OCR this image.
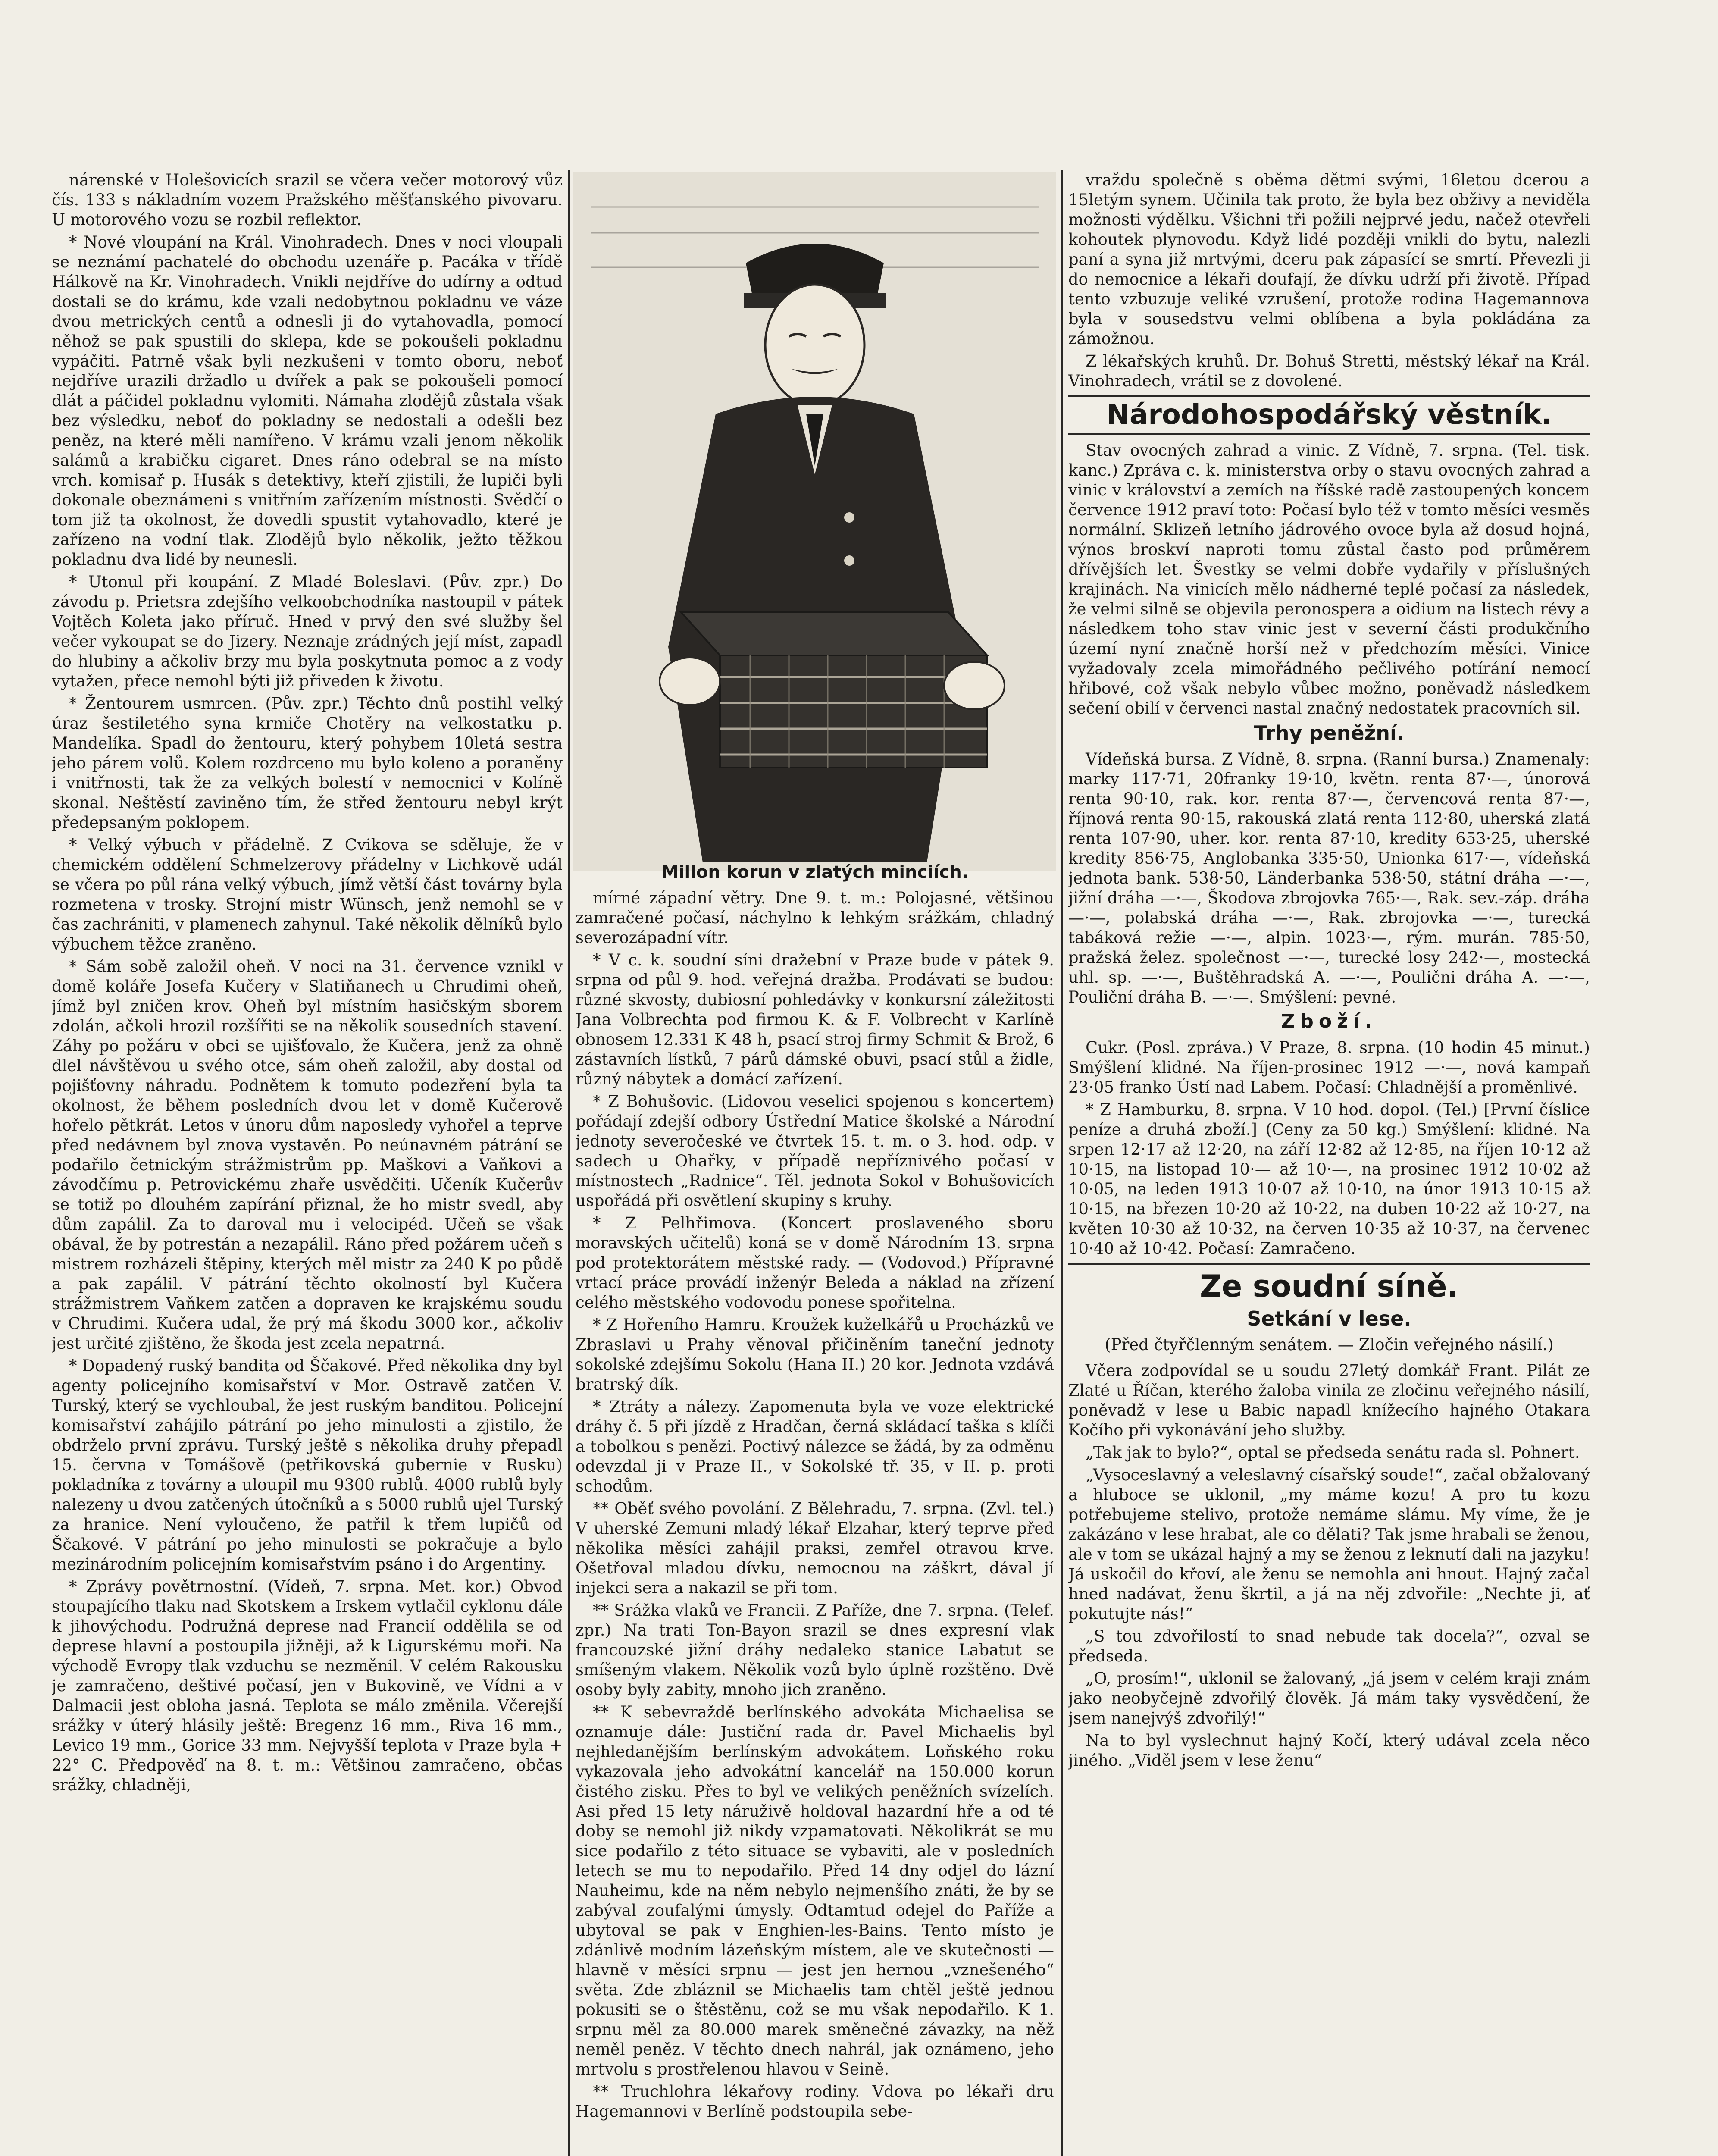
nárenské v Holešovicích srazil se včera večer motorový vůz čís. 133 s nákladním vozem Pražského měšťanského pivovaru. U motorového vozu se rozbil reflektor.

* Nové vloupání na Král. Vinohradech. Dnes v noci vloupali se neznámí pachatelé do obchodu uzenáře p. Pacáka v třídě Hálkově na Kr. Vinohradech. Vnikli nejdříve do udírny a odtud dostali se do krámu, kde vzali nedobytnou pokladnu ve váze dvou metrických centů a odnesli ji do vytahovadla, pomocí něhož se pak spustili do sklepa, kde se pokoušeli pokladnu vypáčiti. Patrně však byli nezkušeni v tomto oboru, neboť nejdříve urazili držadlo u dvířek a pak se pokoušeli pomocí dlát a páčidel pokladnu vylomiti. Námaha zlodějů zůstala však bez výsledku, neboť do pokladny se nedostali a odešli bez peněz, na které měli namířeno. V krámu vzali jenom několik salámů a krabičku cigaret. Dnes ráno odebral se na místo vrch. komisař p. Husák s detektivy, kteří zjistili, že lupiči byli dokonale obeznámeni s vnitřním zařízením místnosti. Svědčí o tom již ta okolnost, že dovedli spustit vytahovadlo, které je zařízeno na vodní tlak. Zlodějů bylo několik, ježto těžkou pokladnu dva lidé by neunesli.

* Utonul při koupání. Z Mladé Boleslavi. (Pův. zpr.) Do závodu p. Prietsra zdejšího velkoobchodníka nastoupil v pátek Vojtěch Koleta jako příruč. Hned v prvý den své služby šel večer vykoupat se do Jizery. Neznaje zrádných její míst, zapadl do hlubiny a ačkoliv brzy mu byla poskytnuta pomoc a z vody vytažen, přece nemohl býti již přiveden k životu.

* Žentourem usmrcen. (Pův. zpr.) Těchto dnů postihl velký úraz šestiletého syna krmiče Chotěry na velkostatku p. Mandelíka. Spadl do žentouru, který pohybem 10letá sestra jeho párem volů. Kolem rozdrceno mu bylo koleno a poraněny i vnitřnosti, tak že za velkých bolestí v nemocnici v Kolíně skonal. Neštěstí zaviněno tím, že střed žentouru nebyl krýt předepsaným poklopem.

* Velký výbuch v přádelně. Z Cvikova se sděluje, že v chemickém oddělení Schmelzerovy přádelny v Lichkově udál se včera po půl rána velký výbuch, jímž větší část továrny byla rozmetena v trosky. Strojní mistr Wünsch, jenž nemohl se v čas zachrániti, v plamenech zahynul. Také několik dělníků bylo výbuchem těžce zraněno.

* Sám sobě založil oheň. V noci na 31. července vznikl v domě koláře Josefa Kučery v Slatiňanech u Chrudimi oheň, jímž byl zničen krov. Oheň byl místním hasičským sborem zdolán, ačkoli hrozil rozšířiti se na několik sousedních stavení. Záhy po požáru v obci se ujišťovalo, že Kučera, jenž za ohně dlel návštěvou u svého otce, sám oheň založil, aby dostal od pojišťovny náhradu. Podnětem k tomuto podezření byla ta okolnost, že během posledních dvou let v domě Kučerově hořelo pětkrát. Letos v únoru dům naposledy vyhořel a teprve před nedávnem byl znova vystavěn. Po neúnavném pátrání se podařilo četnickým strážmistrům pp. Maškovi a Vaňkovi a závodčímu p. Petrovickému zhaře usvědčiti. Učeník Kučerův se totiž po dlouhém zapírání přiznal, že ho mistr svedl, aby dům zapálil. Za to daroval mu i velocipéd. Učeň se však obával, že by potrestán a nezapálil. Ráno před požárem učeň s mistrem rozházeli štěpiny, kterých měl mistr za 240 K po půdě a pak zapálil. V pátrání těchto okolností byl Kučera strážmistrem Vaňkem zatčen a dopraven ke krajskému soudu v Chrudimi. Kučera udal, že prý má škodu 3000 kor., ačkoliv jest určité zjištěno, že škoda jest zcela nepatrná.

* Dopadený ruský bandita od Ščakové. Před několika dny byl agenty policejního komisařství v Mor. Ostravě zatčen V. Turský, který se vychloubal, že jest ruským banditou. Policejní komisařství zahájilo pátrání po jeho minulosti a zjistilo, že obdrželo první zprávu. Turský ještě s několika druhy přepadl 15. června v Tomášově (petřikovská gubernie v Rusku) pokladníka z továrny a uloupil mu 9300 rublů. 4000 rublů byly nalezeny u dvou zatčených útočníků a s 5000 rublů ujel Turský za hranice. Není vyloučeno, že patřil k třem lupičů od Ščakové. V pátrání po jeho minulosti se pokračuje a bylo mezinárodním policejním komisařstvím psáno i do Argentiny.

* Zprávy povětrnostní. (Vídeň, 7. srpna. Met. kor.) Obvod stoupajícího tlaku nad Skotskem a Irskem vytlačil cyklonu dále k jihovýchodu. Podružná deprese nad Francií oddělila se od deprese hlavní a postoupila jižněji, až k Ligurskému moři. Na východě Evropy tlak vzduchu se nezměnil. V celém Rakousku je zamračeno, deštivé počasí, jen v Bukovině, ve Vídni a v Dalmacii jest obloha jasná. Teplota se málo změnila. Včerejší srážky v úterý hlásily ještě: Bregenz 16 mm., Riva 16 mm., Levico 19 mm., Gorice 33 mm. Nejvyšší teplota v Praze byla + 22° C. Předpověď na 8. t. m.: Většinou zamračeno, občas srážky, chladněji,

Millon korun v zlatých minciích.

mírné západní větry. Dne 9. t. m.: Polojasné, většinou zamračené počasí, náchylno k lehkým srážkám, chladný severozápadní vítr.

* V c. k. soudní síni dražební v Praze bude v pátek 9. srpna od půl 9. hod. veřejná dražba. Prodávati se budou: různé skvosty, dubiosní pohledávky v konkursní záležitosti Jana Volbrechta pod firmou K. & F. Volbrecht v Karlíně obnosem 12.331 K 48 h, psací stroj firmy Schmit & Brož, 6 zástavních lístků, 7 párů dámské obuvi, psací stůl a židle, různý nábytek a domácí zařízení.

* Z Bohušovic. (Lidovou veselici spojenou s koncertem) pořádají zdejší odbory Ústřední Matice školské a Národní jednoty severočeské ve čtvrtek 15. t. m. o 3. hod. odp. v sadech u Ohařky, v případě nepříznivého počasí v místnostech „Radnice“. Těl. jednota Sokol v Bohušovicích uspořádá při osvětlení skupiny s kruhy.

* Z Pelhřimova. (Koncert proslaveného sboru moravských učitelů) koná se v domě Národním 13. srpna pod protektorátem městské rady. — (Vodovod.) Přípravné vrtací práce provádí inženýr Beleda a náklad na zřízení celého městského vodovodu ponese spořitelna.

* Z Hořeního Hamru. Kroužek kuželkářů u Procházků ve Zbraslavi u Prahy věnoval přičiněním taneční jednoty sokolské zdejšímu Sokolu (Hana II.) 20 kor. Jednota vzdává bratrský dík.

* Ztráty a nálezy. Zapomenuta byla ve voze elektrické dráhy č. 5 při jízdě z Hradčan, černá skládací taška s klíči a tobolkou s penězi. Poctivý nálezce se žádá, by za odměnu odevzdal ji v Praze II., v Sokolské tř. 35, v II. p. proti schodům.

** Oběť svého povolání. Z Bělehradu, 7. srpna. (Zvl. tel.) V uherské Zemuni mladý lékař Elzahar, který teprve před několika měsíci zahájil praksi, zemřel otravou krve. Ošetřoval mladou dívku, nemocnou na záškrt, dával jí injekci sera a nakazil se při tom.

** Srážka vlaků ve Francii. Z Paříže, dne 7. srpna. (Telef. zpr.) Na trati Ton-Bayon srazil se dnes expresní vlak francouzské jižní dráhy nedaleko stanice Labatut se smíšeným vlakem. Několik vozů bylo úplně rozštěno. Dvě osoby byly zabity, mnoho jich zraněno.

** K sebevraždě berlínského advokáta Michaelisa se oznamuje dále: Justiční rada dr. Pavel Michaelis byl nejhledanějším berlínským advokátem. Loňského roku vykazovala jeho advokátní kancelář na 150.000 korun čistého zisku. Přes to byl ve velikých peněžních svízelích. Asi před 15 lety náruživě holdoval hazardní hře a od té doby se nemohl již nikdy vzpamatovati. Několikrát se mu sice podařilo z této situace se vybaviti, ale v posledních letech se mu to nepodařilo. Před 14 dny odjel do lázní Nauheimu, kde na něm nebylo nejmenšího znáti, že by se zabýval zoufalými úmysly. Odtamtud odejel do Paříže a ubytoval se pak v Enghien-les-Bains. Tento místo je zdánlivě modním lázeňským místem, ale ve skutečnosti — hlavně v měsíci srpnu — jest jen hernou „vznešeného“ světa. Zde zbláznil se Michaelis tam chtěl ještě jednou pokusiti se o štěstěnu, což se mu však nepodařilo. K 1. srpnu měl za 80.000 marek směnečné závazky, na něž neměl peněz. V těchto dnech nahrál, jak oznámeno, jeho mrtvolu s prostřelenou hlavou v Seině.

** Truchlohra lékařovy rodiny. Vdova po lékaři dru Hagemannovi v Berlíně podstoupila sebe-

vraždu společně s oběma dětmi svými, 16letou dcerou a 15letým synem. Učinila tak proto, že byla bez obživy a neviděla možnosti výdělku. Všichni tři požili nejprvé jedu, načež otevřeli kohoutek plynovodu. Když lidé později vnikli do bytu, nalezli paní a syna již mrtvými, dceru pak zápasící se smrtí. Převezli ji do nemocnice a lékaři doufají, že dívku udrží při životě. Případ tento vzbuzuje veliké vzrušení, protože rodina Hagemannova byla v sousedstvu velmi oblíbena a byla pokládána za zámožnou.

Z lékařských kruhů. Dr. Bohuš Stretti, městský lékař na Král. Vinohradech, vrátil se z dovolené.

Národohospodářský věstník.

Stav ovocných zahrad a vinic. Z Vídně, 7. srpna. (Tel. tisk. kanc.) Zpráva c. k. ministerstva orby o stavu ovocných zahrad a vinic v království a zemích na říšské radě zastoupených koncem července 1912 praví toto: Počasí bylo též v tomto měsíci vesměs normální. Sklizeň letního jádrového ovoce byla až dosud hojná, výnos broskví naproti tomu zůstal často pod průměrem dřívějších let. Švestky se velmi dobře vydařily v příslušných krajinách. Na vinicích mělo nádherné teplé počasí za následek, že velmi silně se objevila peronospera a oidium na listech révy a následkem toho stav vinic jest v severní části produkčního území nyní značně horší než v předchozím měsíci. Vinice vyžadovaly zcela mimořádného pečlivého potírání nemocí hřibové, což však nebylo vůbec možno, poněvadž následkem sečení obilí v červenci nastal značný nedostatek pracovních sil.

Trhy peněžní.

Vídeňská bursa. Z Vídně, 8. srpna. (Ranní bursa.) Znamenaly: marky 117·71, 20franky 19·10, květn. renta 87·—, únorová renta 90·10, rak. kor. renta 87·—, červencová renta 87·—, říjnová renta 90·15, rakouská zlatá renta 112·80, uherská zlatá renta 107·90, uher. kor. renta 87·10, kredity 653·25, uherské kredity 856·75, Anglobanka 335·50, Unionka 617·—, vídeňská jednota bank. 538·50, Länderbanka 538·50, státní dráha —·—, jižní dráha —·—, Škodova zbrojovka 765·—, Rak. sev.-záp. dráha —·—, polabská dráha —·—, Rak. zbrojovka —·—, turecká tabáková režie —·—, alpin. 1023·—, rým. murán. 785·50, pražská želez. společnost —·—, turecké losy 242·—, mostecká uhl. sp. —·—, Buštěhradská A. —·—, Poulični dráha A. —·—, Pouliční dráha B. —·—. Smýšlení: pevné.

Zboží.

Cukr. (Posl. zpráva.) V Praze, 8. srpna. (10 hodin 45 minut.) Smýšlení klidné. Na říjen-prosinec 1912 —·—, nová kampaň 23·05 franko Ústí nad Labem. Počasí: Chladnější a proměnlivé.

* Z Hamburku, 8. srpna. V 10 hod. dopol. (Tel.) [První číslice peníze a druhá zboží.] (Ceny za 50 kg.) Smýšlení: klidné. Na srpen 12·17 až 12·20, na září 12·82 až 12·85, na říjen 10·12 až 10·15, na listopad 10·— až 10·—, na prosinec 1912 10·02 až 10·05, na leden 1913 10·07 až 10·10, na únor 1913 10·15 až 10·15, na březen 10·20 až 10·22, na duben 10·22 až 10·27, na květen 10·30 až 10·32, na červen 10·35 až 10·37, na červenec 10·40 až 10·42. Počasí: Zamračeno.

Ze soudní síně.
Setkání v lese.
(Před čtyřčlenným senátem. — Zločin veřejného násilí.)

Včera zodpovídal se u soudu 27letý domkář Frant. Pilát ze Zlaté u Říčan, kterého žaloba vinila ze zločinu veřejného násilí, poněvadž v lese u Babic napadl knížecího hajného Otakara Kočího při vykonávání jeho služby.

„Tak jak to bylo?“, optal se předseda senátu rada sl. Pohnert.

„Vysoceslavný a veleslavný císařský soude!“, začal obžalovaný a hluboce se uklonil, „my máme kozu! A pro tu kozu potřebujeme stelivo, protože nemáme slámu. My víme, že je zakázáno v lese hrabat, ale co dělati? Tak jsme hrabali se ženou, ale v tom se ukázal hajný a my se ženou z leknutí dali na jazyku! Já uskočil do křoví, ale ženu se nemohla ani hnout. Hajný začal hned nadávat, ženu škrtil, a já na něj zdvořile: „Nechte ji, ať pokutujte nás!“

„S tou zdvořilostí to snad nebude tak docela?“, ozval se předseda.

„O, prosím!“, uklonil se žalovaný, „já jsem v celém kraji znám jako neobyčejně zdvořilý člověk. Já mám taky vysvědčení, že jsem nanejvýš zdvořilý!“

Na to byl vyslechnut hajný Kočí, který udával zcela něco jiného. „Viděl jsem v lese ženu“
